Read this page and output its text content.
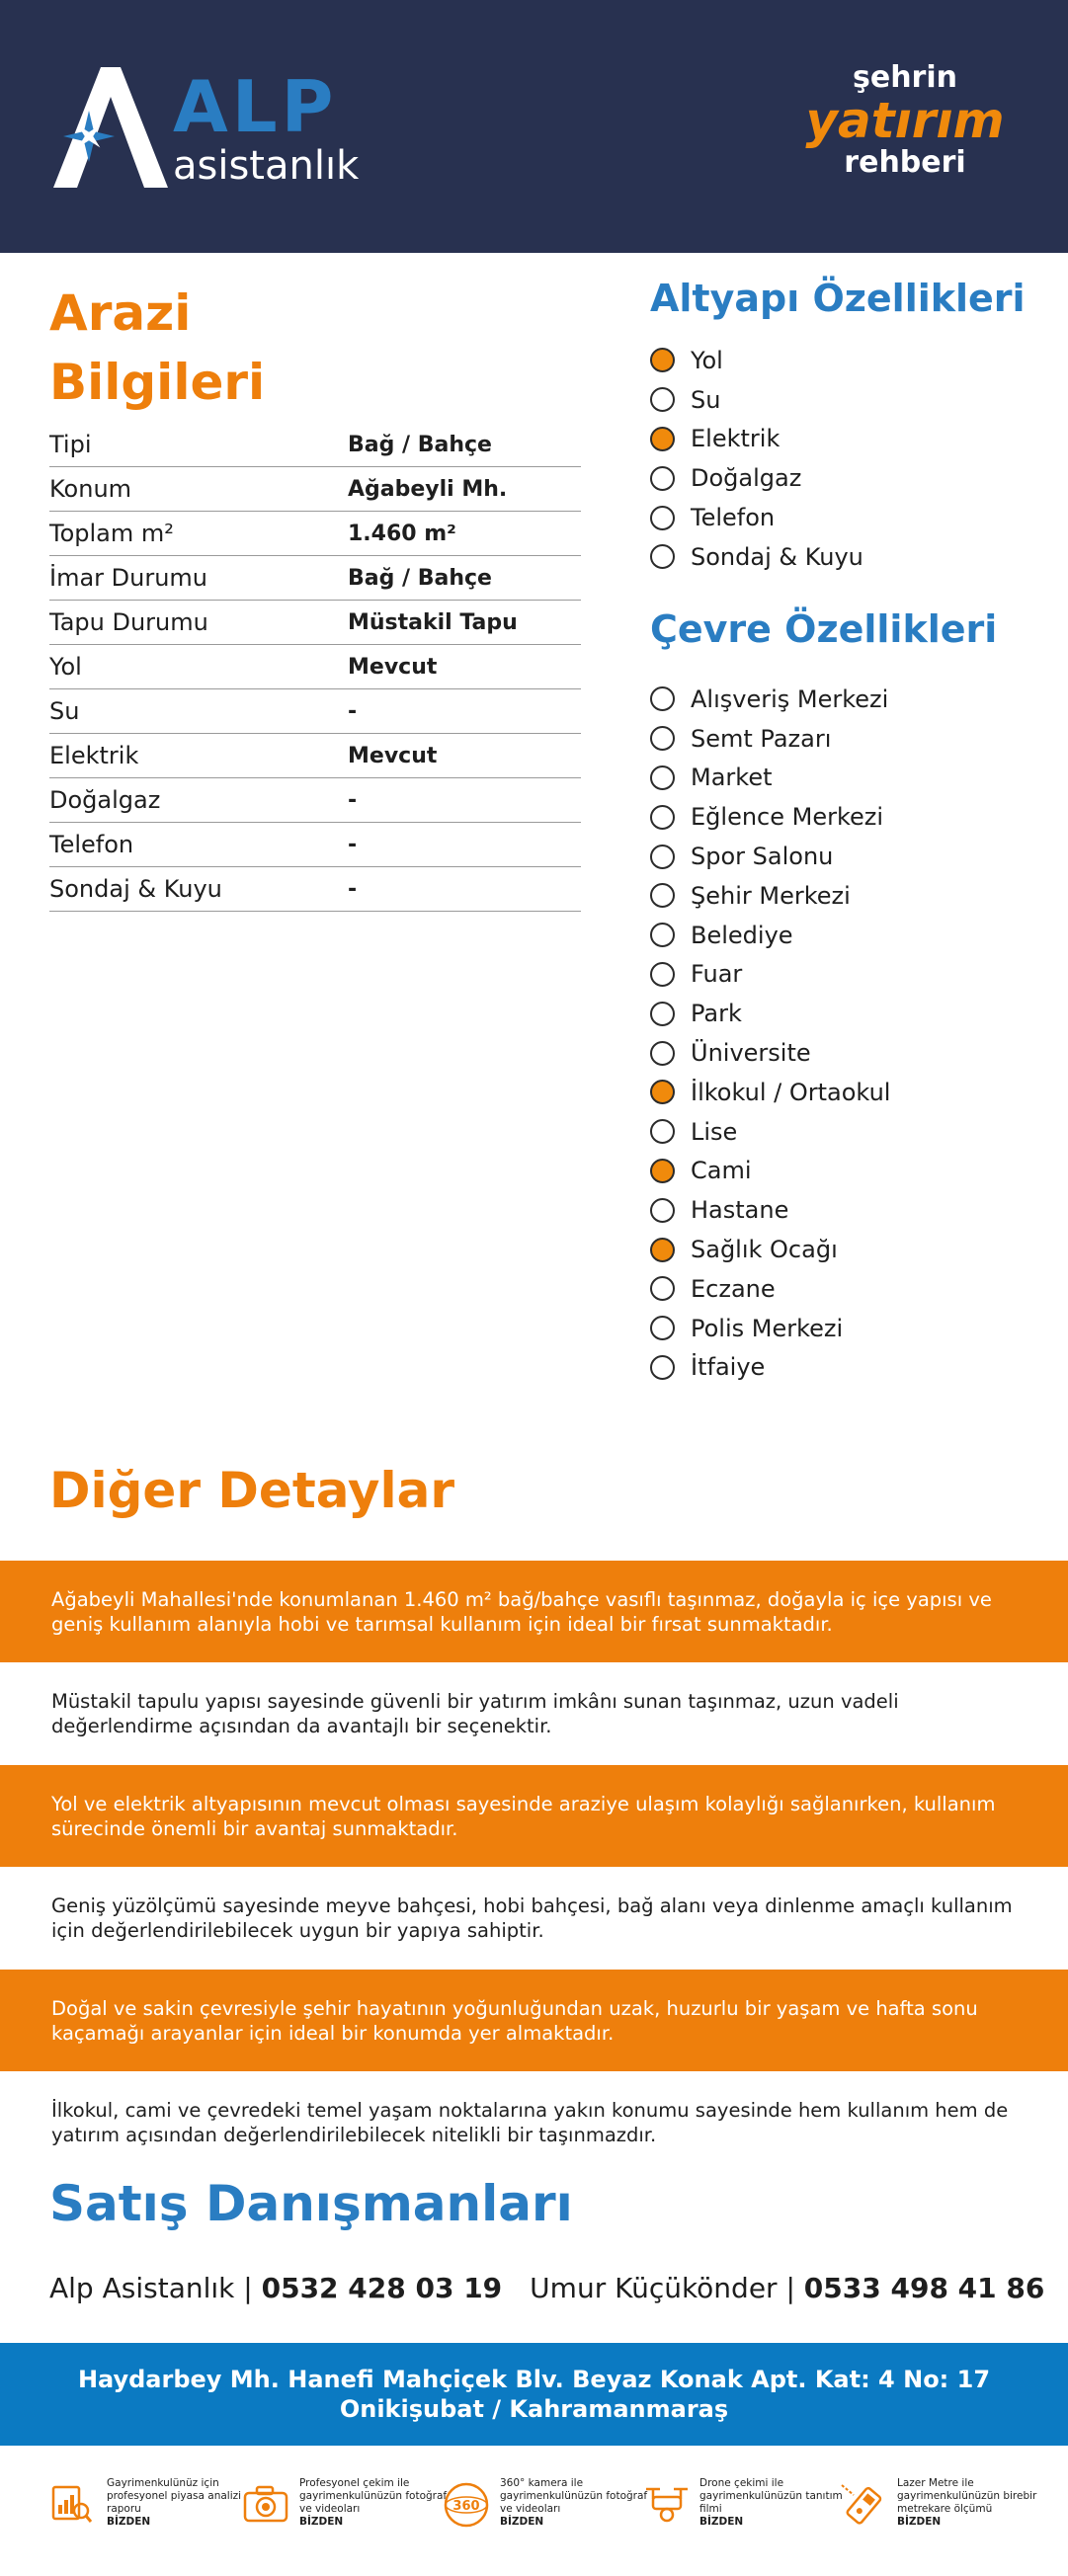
ALP
asistanlık
şehrin
yatırım
rehberi
Arazi Bilgileri
Tipi	Bağ / Bahçe
Konum	Ağabeyli Mh.
Toplam m²	1.460 m²
İmar Durumu	Bağ / Bahçe
Tapu Durumu	Müstakil Tapu
Yol	Mevcut
Su	-
Elektrik	Mevcut
Doğalgaz	-
Telefon	-
Sondaj & Kuyu	-
Altyapı Özellikleri
Yol
Su
Elektrik
Doğalgaz
Telefon
Sondaj & Kuyu
Çevre Özellikleri
Alışveriş Merkezi
Semt Pazarı
Market
Eğlence Merkezi
Spor Salonu
Şehir Merkezi
Belediye
Fuar
Park
Üniversite
İlkokul / Ortaokul
Lise
Cami
Hastane
Sağlık Ocağı
Eczane
Polis Merkezi
İtfaiye
Diğer Detaylar
Ağabeyli Mahallesi'nde konumlanan 1.460 m² bağ/bahçe vasıflı taşınmaz, doğayla iç içe yapısı ve geniş kullanım alanıyla hobi ve tarımsal kullanım için ideal bir fırsat sunmaktadır.
Müstakil tapulu yapısı sayesinde güvenli bir yatırım imkânı sunan taşınmaz, uzun vadeli değerlendirme açısından da avantajlı bir seçenektir.
Yol ve elektrik altyapısının mevcut olması sayesinde araziye ulaşım kolaylığı sağlanırken, kullanım sürecinde önemli bir avantaj sunmaktadır.
Geniş yüzölçümü sayesinde meyve bahçesi, hobi bahçesi, bağ alanı veya dinlenme amaçlı kullanım için değerlendirilebilecek uygun bir yapıya sahiptir.
Doğal ve sakin çevresiyle şehir hayatının yoğunluğundan uzak, huzurlu bir yaşam ve hafta sonu kaçamağı arayanlar için ideal bir konumda yer almaktadır.
İlkokul, cami ve çevredeki temel yaşam noktalarına yakın konumu sayesinde hem kullanım hem de yatırım açısından değerlendirilebilecek nitelikli bir taşınmazdır.
Satış Danışmanları
Alp Asistanlık | 0532 428 03 19 Umur Küçükönder | 0533 498 41 86
Haydarbey Mh. Hanefi Mahçiçek Blv. Beyaz Konak Apt. Kat: 4 No: 17
Onikişubat / Kahramanmaraş
Gayrimenkulünüz için profesyonel piyasa analizi raporu
BİZDEN
Profesyonel çekim ile gayrimenkulünüzün fotoğraf ve videoları
BİZDEN
360
360° kamera ile gayrimenkulünüzün fotoğraf ve videoları
BİZDEN
Drone çekimi ile gayrimenkulünüzün tanıtım filmi
BİZDEN
Lazer Metre ile gayrimenkulünüzün birebir metrekare ölçümü
BİZDEN
